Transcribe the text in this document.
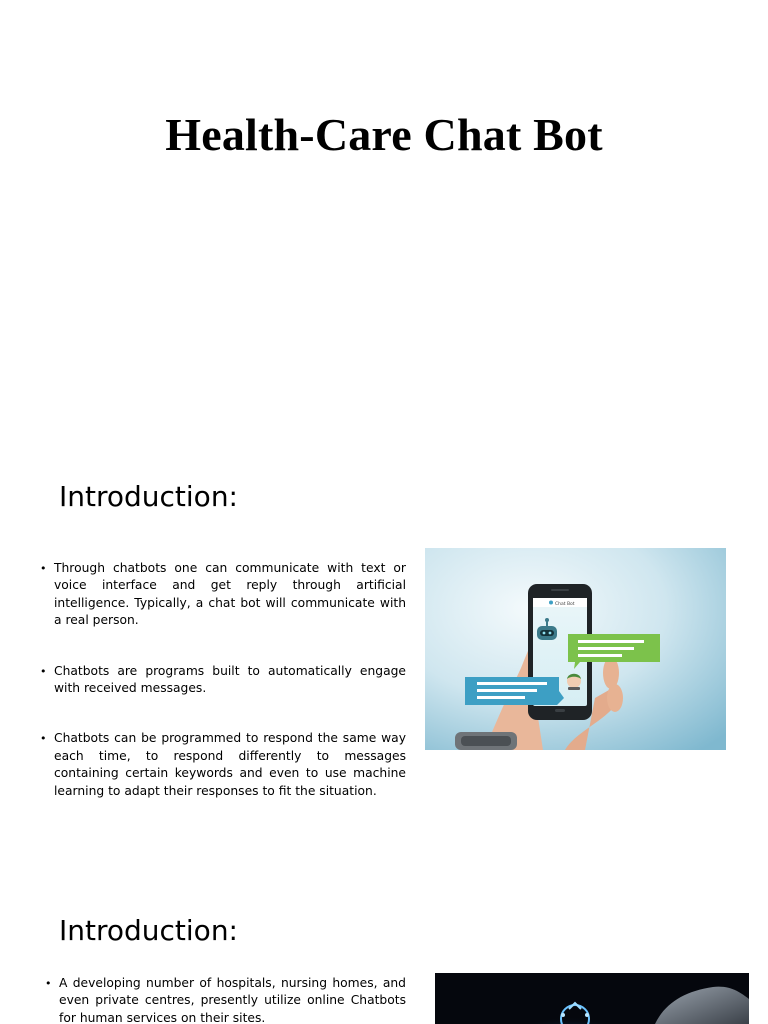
Health-Care Chat Bot
Introduction:
• Through chatbots one can communicate with text or voice interface and get reply through artificial intelligence. Typically, a chat bot will communicate with a real person.
• Chatbots are programs built to automatically engage with received messages.
• Chatbots can be programmed to respond the same way each time, to respond differently to messages containing certain keywords and even to use machine learning to adapt their responses to fit the situation.
Chat Bot
Introduction:
• A developing number of hospitals, nursing homes, and even private centres, presently utilize online Chatbots for human services on their sites.
